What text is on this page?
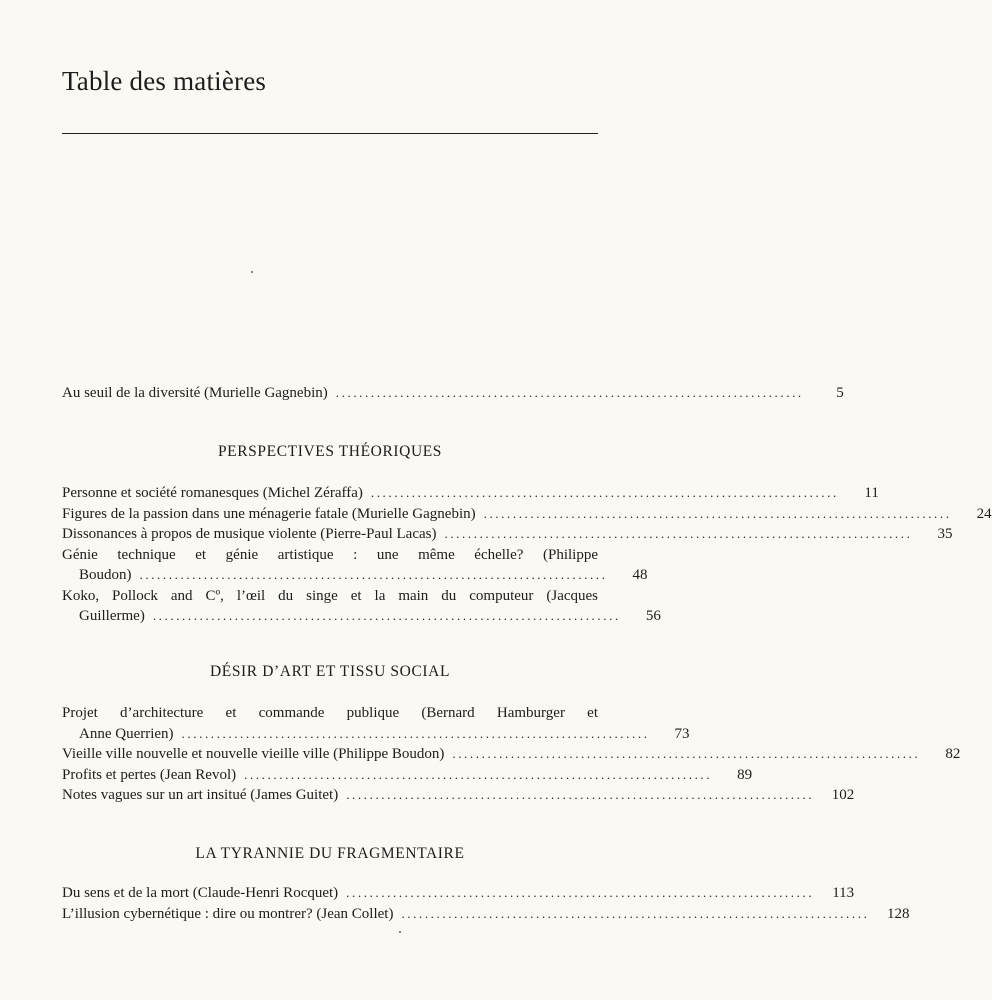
Table des matières
Au seuil de la diversité (Murielle Gagnebin) ................................................................................	5
PERSPECTIVES THÉORIQUES
Personne et société romanesques (Michel Zéraffa) ................................................................................	11
Figures de la passion dans une ménagerie fatale (Murielle Gagnebin) ................................................................................	24
Dissonances à propos de musique violente (Pierre-Paul Lacas) ................................................................................	35
Génie technique et génie artistique : une même échelle? (Philippe
Boudon) ................................................................................	48
Koko, Pollock and Cº, l’œil du singe et la main du computeur (Jacques
Guillerme) ................................................................................	56
DÉSIR D’ART ET TISSU SOCIAL
Projet d’architecture et commande publique (Bernard Hamburger et
Anne Querrien) ................................................................................	73
Vieille ville nouvelle et nouvelle vieille ville (Philippe Boudon) ................................................................................	82
Profits et pertes (Jean Revol) ................................................................................	89
Notes vagues sur un art insitué (James Guitet) ................................................................................	102
LA TYRANNIE DU FRAGMENTAIRE
Du sens et de la mort (Claude-Henri Rocquet) ................................................................................	113
L’illusion cybernétique : dire ou montrer? (Jean Collet) ................................................................................	128
